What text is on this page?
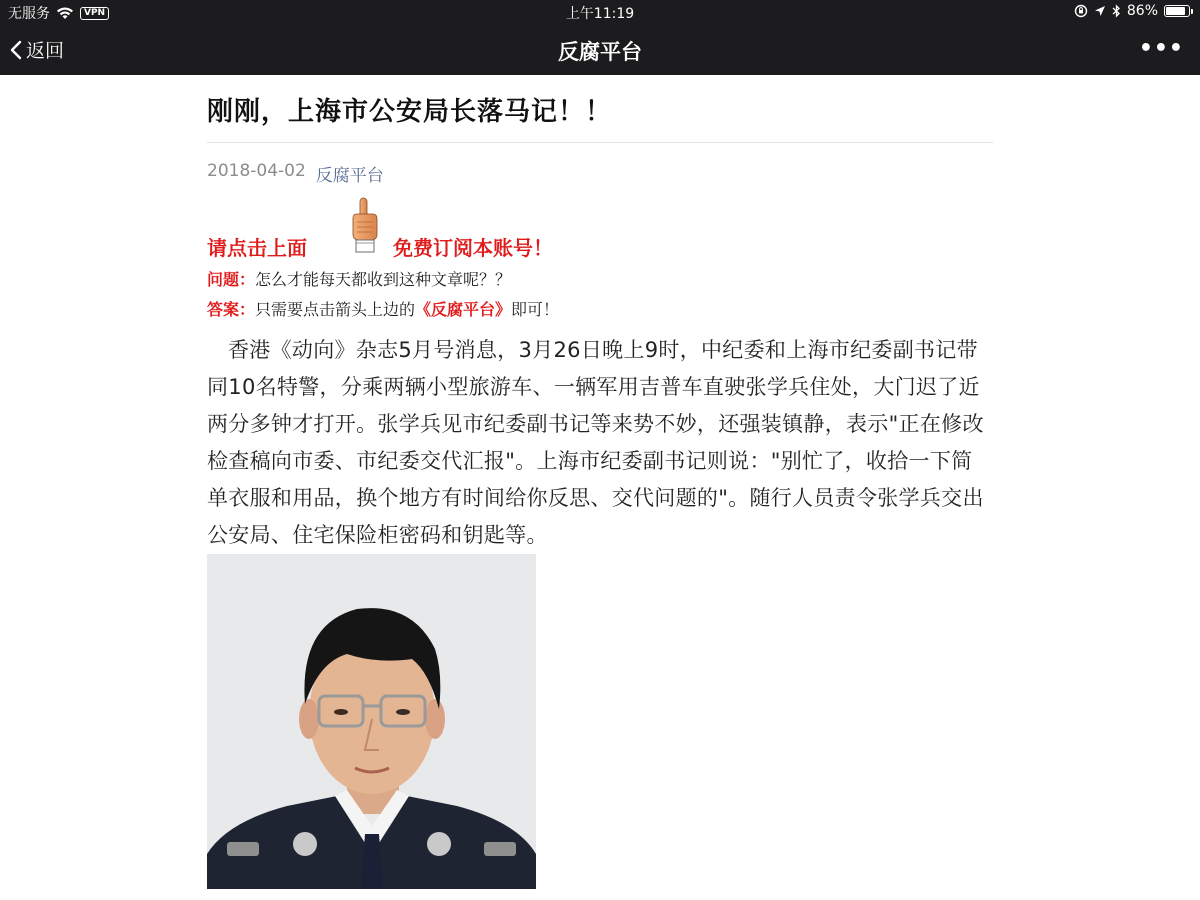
无服务	VPN	上午11:19	86%
返回	反腐平台	•••
刚刚，上海市公安局长落马记！！
2018-04-02 反腐平台
请点击上面	免费订阅本账号！

问题：怎么才能每天都收到这种文章呢？？

答案：只需要点击箭头上边的《反腐平台》即可！

香港《动向》杂志5月号消息，3月26日晚上9时，中纪委和上海市纪委副书记带同10名特警，分乘两辆小型旅游车、一辆军用吉普车直驶张学兵住处，大门迟了近两分多钟才打开。张学兵见市纪委副书记等来势不妙，还强装镇静，表示"正在修改检查稿向市委、市纪委交代汇报"。上海市纪委副书记则说："别忙了，收拾一下简单衣服和用品，换个地方有时间给你反思、交代问题的"。随行人员责令张学兵交出公安局、住宅保险柜密码和钥匙等。
